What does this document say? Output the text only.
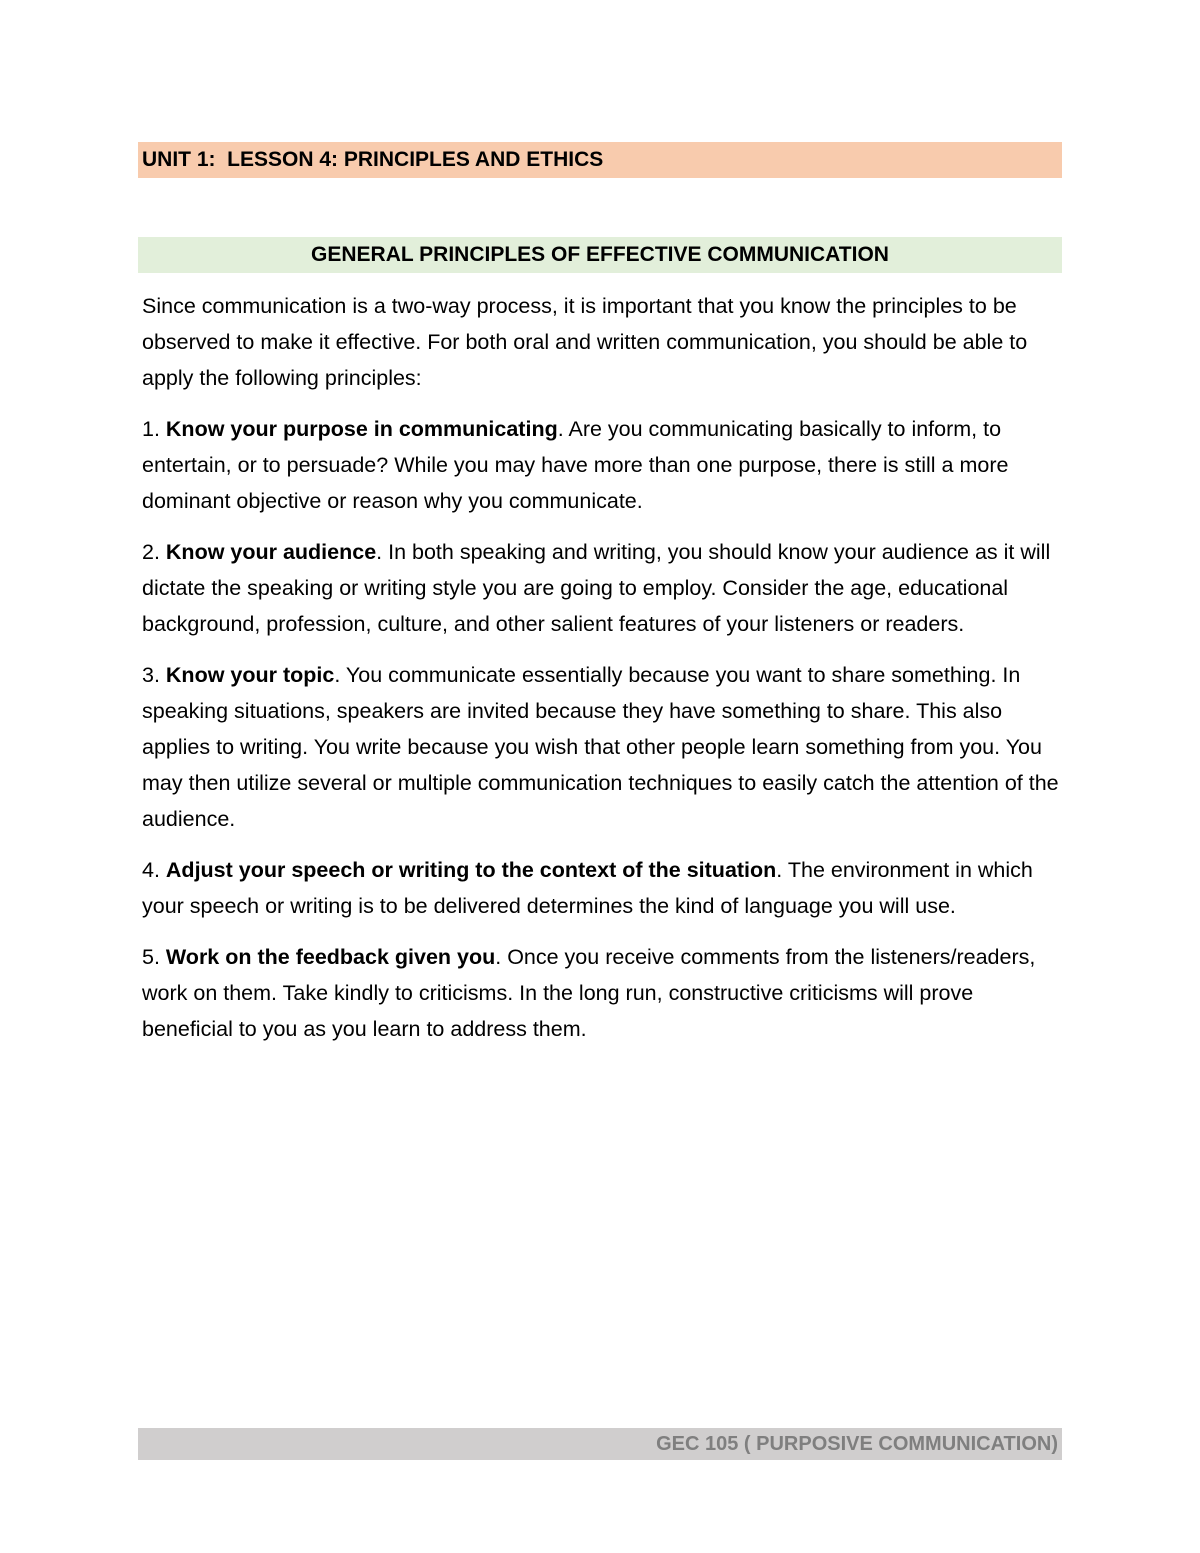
UNIT 1:  LESSON 4: PRINCIPLES AND ETHICS
GENERAL PRINCIPLES OF EFFECTIVE COMMUNICATION

Since communication is a two-way process, it is important that you know the principles to be observed to make it effective. For both oral and written communication, you should be able to apply the following principles:

1. Know your purpose in communicating. Are you communicating basically to inform, to entertain, or to persuade? While you may have more than one purpose, there is still a more dominant objective or reason why you communicate.

2. Know your audience. In both speaking and writing, you should know your audience as it will dictate the speaking or writing style you are going to employ. Consider the age, educational background, profession, culture, and other salient features of your listeners or readers.

3. Know your topic. You communicate essentially because you want to share something. In speaking situations, speakers are invited because they have something to share. This also applies to writing. You write because you wish that other people learn something from you. You may then utilize several or multiple communication techniques to easily catch the attention of the audience.

4. Adjust your speech or writing to the context of the situation. The environment in which your speech or writing is to be delivered determines the kind of language you will use.

5. Work on the feedback given you. Once you receive comments from the listeners/readers, work on them. Take kindly to criticisms. In the long run, constructive criticisms will prove beneficial to you as you learn to address them.

GEC 105 ( PURPOSIVE COMMUNICATION)
